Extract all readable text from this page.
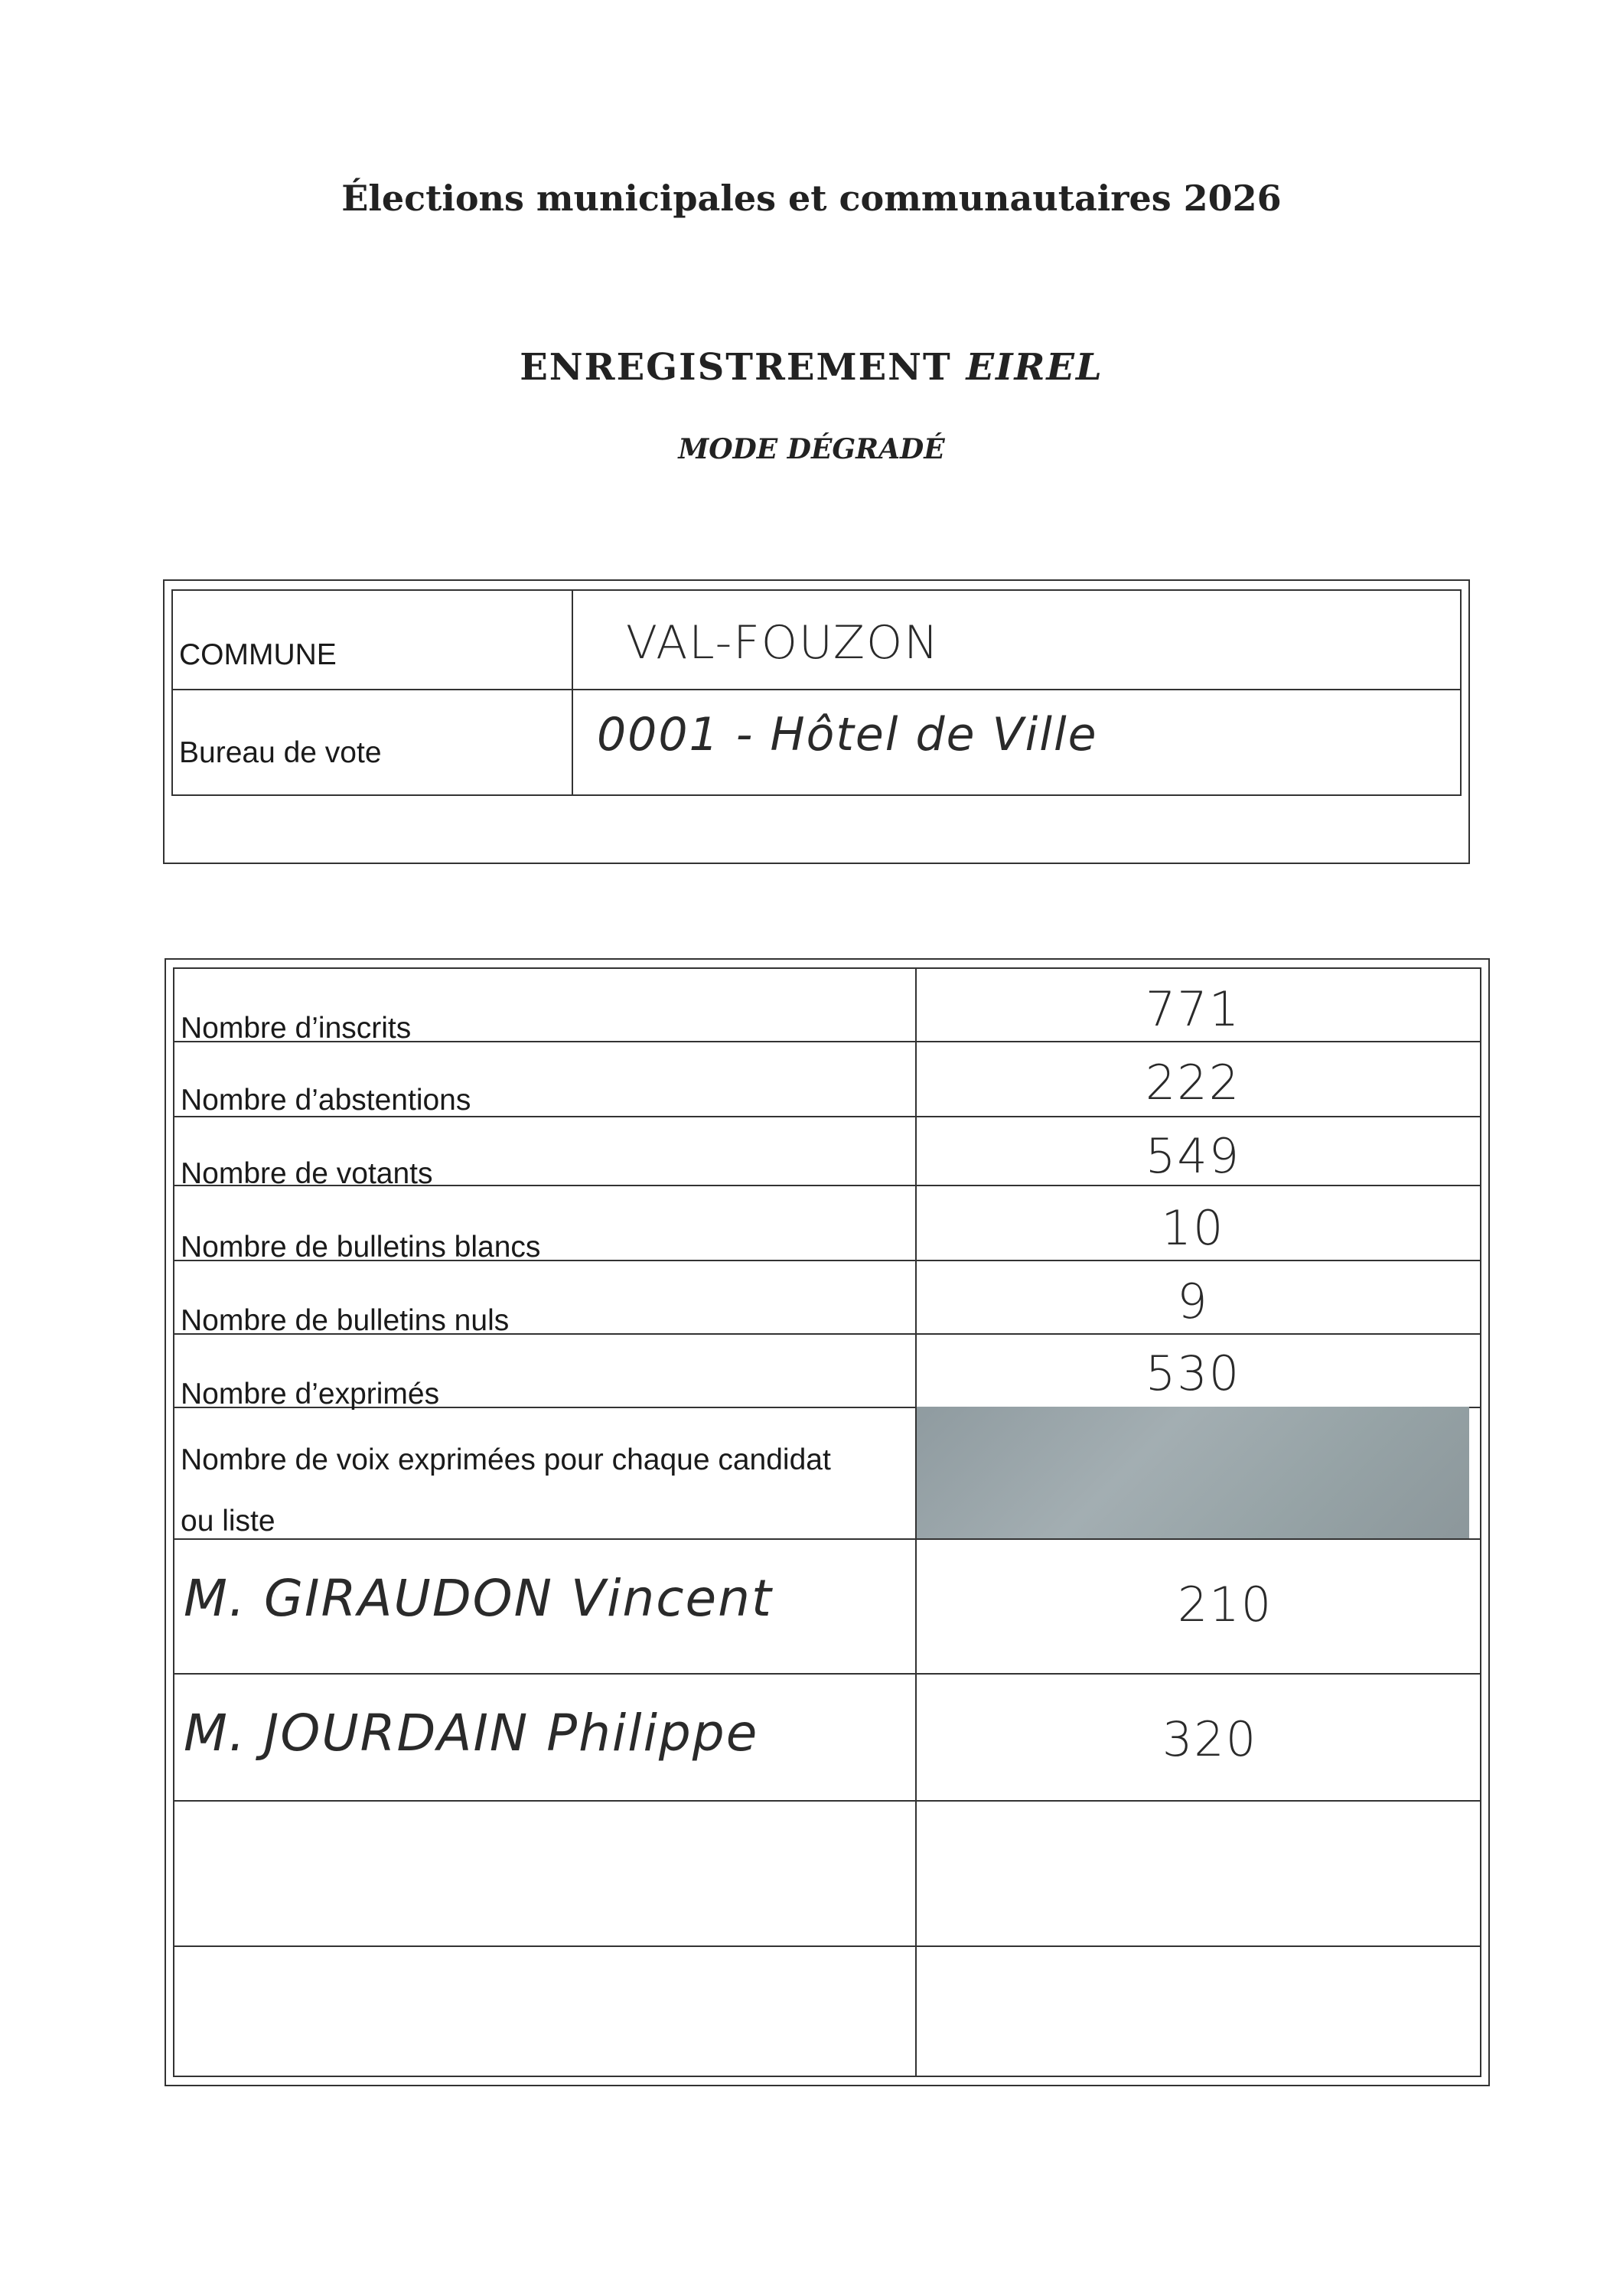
Élections municipales et communautaires 2026
ENREGISTREMENT EIREL
MODE DÉGRADÉ
COMMUNE	VAL-FOUZON
Bureau de vote	0001 - Hôtel de Ville
Nombre d’inscrits	771
Nombre d’abstentions	222
Nombre de votants	549
Nombre de bulletins blancs	10
Nombre de bulletins nuls	9
Nombre d’exprimés	530
Nombre de voix exprimées pour chaque candidat
ou liste
M. GIRAUDON Vincent	210
M. JOURDAIN Philippe	320
